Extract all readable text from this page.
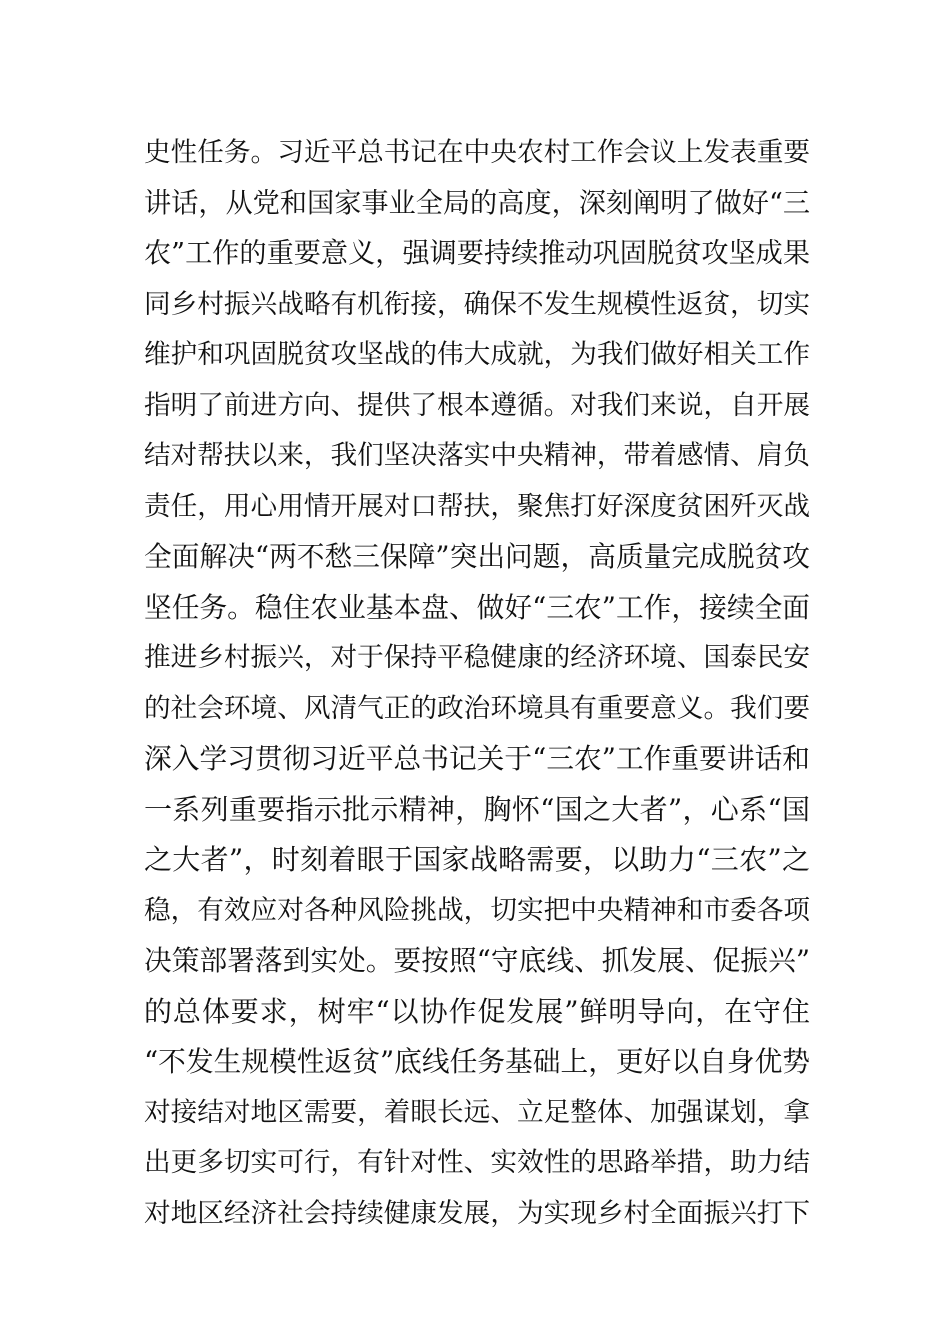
史性任务。习近平总书记在中央农村工作会议上发表重要
讲话，从党和国家事业全局的高度，深刻阐明了做好“三
农”工作的重要意义，强调要持续推动巩固脱贫攻坚成果
同乡村振兴战略有机衔接，确保不发生规模性返贫，切实
维护和巩固脱贫攻坚战的伟大成就，为我们做好相关工作
指明了前进方向、提供了根本遵循。对我们来说，自开展
结对帮扶以来，我们坚决落实中央精神，带着感情、肩负
责任，用心用情开展对口帮扶，聚焦打好深度贫困歼灭战
全面解决“两不愁三保障”突出问题，高质量完成脱贫攻
坚任务。稳住农业基本盘、做好“三农”工作，接续全面
推进乡村振兴，对于保持平稳健康的经济环境、国泰民安
的社会环境、风清气正的政治环境具有重要意义。我们要
深入学习贯彻习近平总书记关于“三农”工作重要讲话和
一系列重要指示批示精神，胸怀“国之大者”，心系“国
之大者”，时刻着眼于国家战略需要，以助力“三农”之
稳，有效应对各种风险挑战，切实把中央精神和市委各项
决策部署落到实处。要按照“守底线、抓发展、促振兴”
的总体要求，树牢“以协作促发展”鲜明导向，在守住
“不发生规模性返贫”底线任务基础上，更好以自身优势
对接结对地区需要，着眼长远、立足整体、加强谋划，拿
出更多切实可行，有针对性、实效性的思路举措，助力结
对地区经济社会持续健康发展，为实现乡村全面振兴打下
